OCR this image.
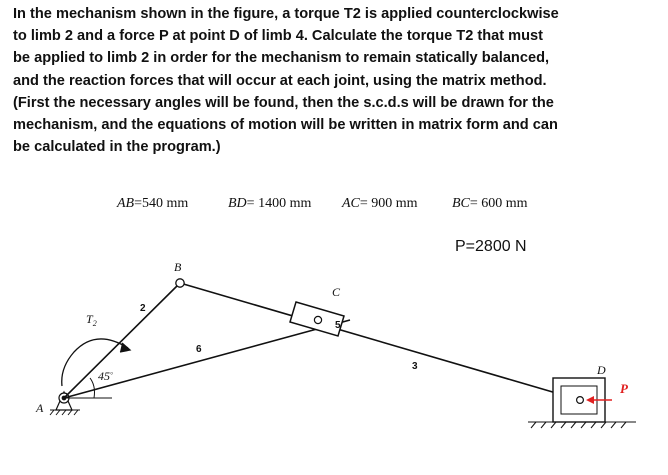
In the mechanism shown in the figure, a torque T2 is applied counterclockwise
to limb 2 and a force P at point D of limb 4. Calculate the torque T2 that must
be applied to limb 2 in order for the mechanism to remain statically balanced,
and the reaction forces that will occur at each joint, using the matrix method.
(First the necessary angles will be found, then the s.c.d.s will be drawn for the
mechanism, and the equations of motion will be written in matrix form and can
be calculated in the program.)
AB=540 mm	BD= 1400 mm AC= 900 mm BC= 600 mm
P=2800 N
A
B
C
D
$T_2$
45°
2
3
5
6
P
